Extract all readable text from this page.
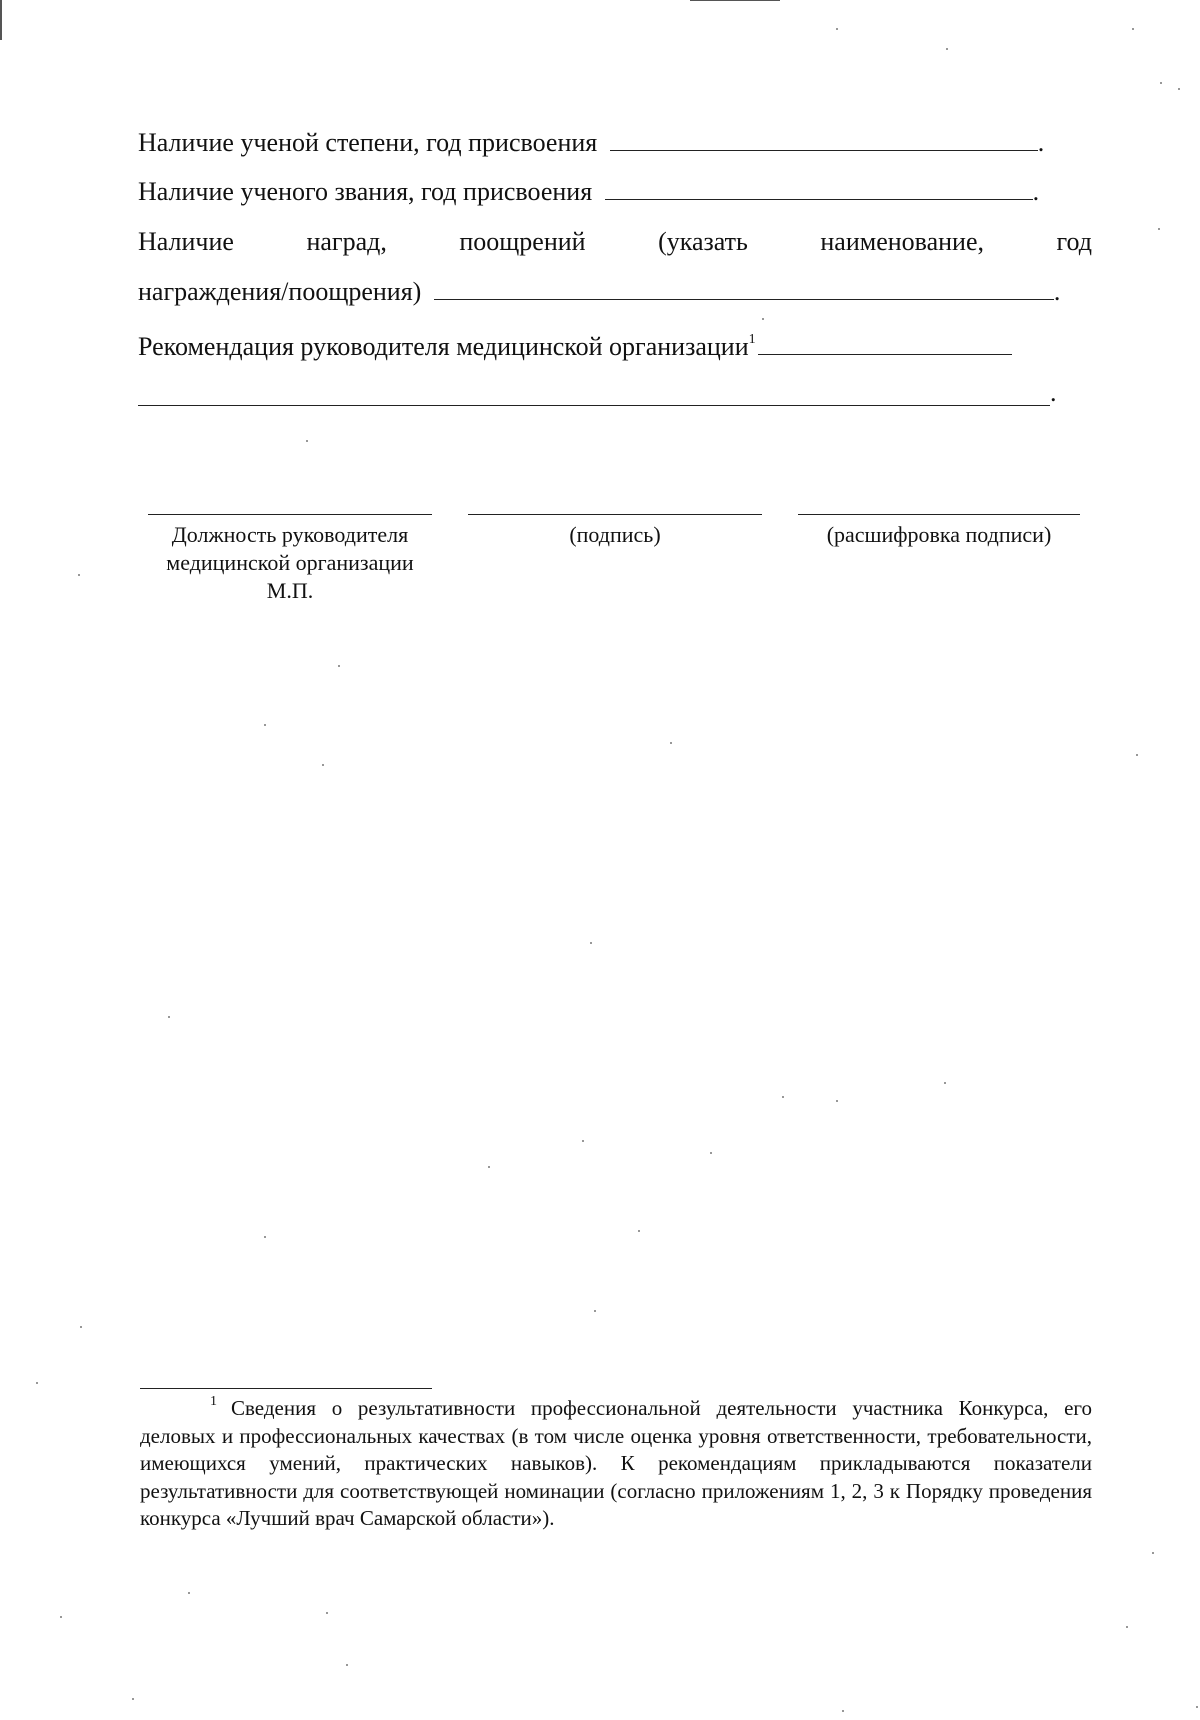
Наличие ученой степени, год присвоения	.
Наличие ученого звания, год присвоения	.
Наличие	наград,	поощрений	(указать	наименование,	год
награждения/поощрения)	.
Рекомендация руководителя медицинской организации$^1$
.
Должность руководителя
медицинской организации
М.П.
(подпись)	(расшифровка подписи)
$^1$ Сведения о результативности профессиональной деятельности участника Конкурса, его деловых и профессиональных качествах (в том числе оценка уровня ответственности, требовательности, имеющихся умений, практических навыков). К рекомендациям прикладываются показатели результативности для соответствующей номинации (согласно приложениям 1, 2, 3 к Порядку проведения конкурса «Лучший врач Самарской области»).
